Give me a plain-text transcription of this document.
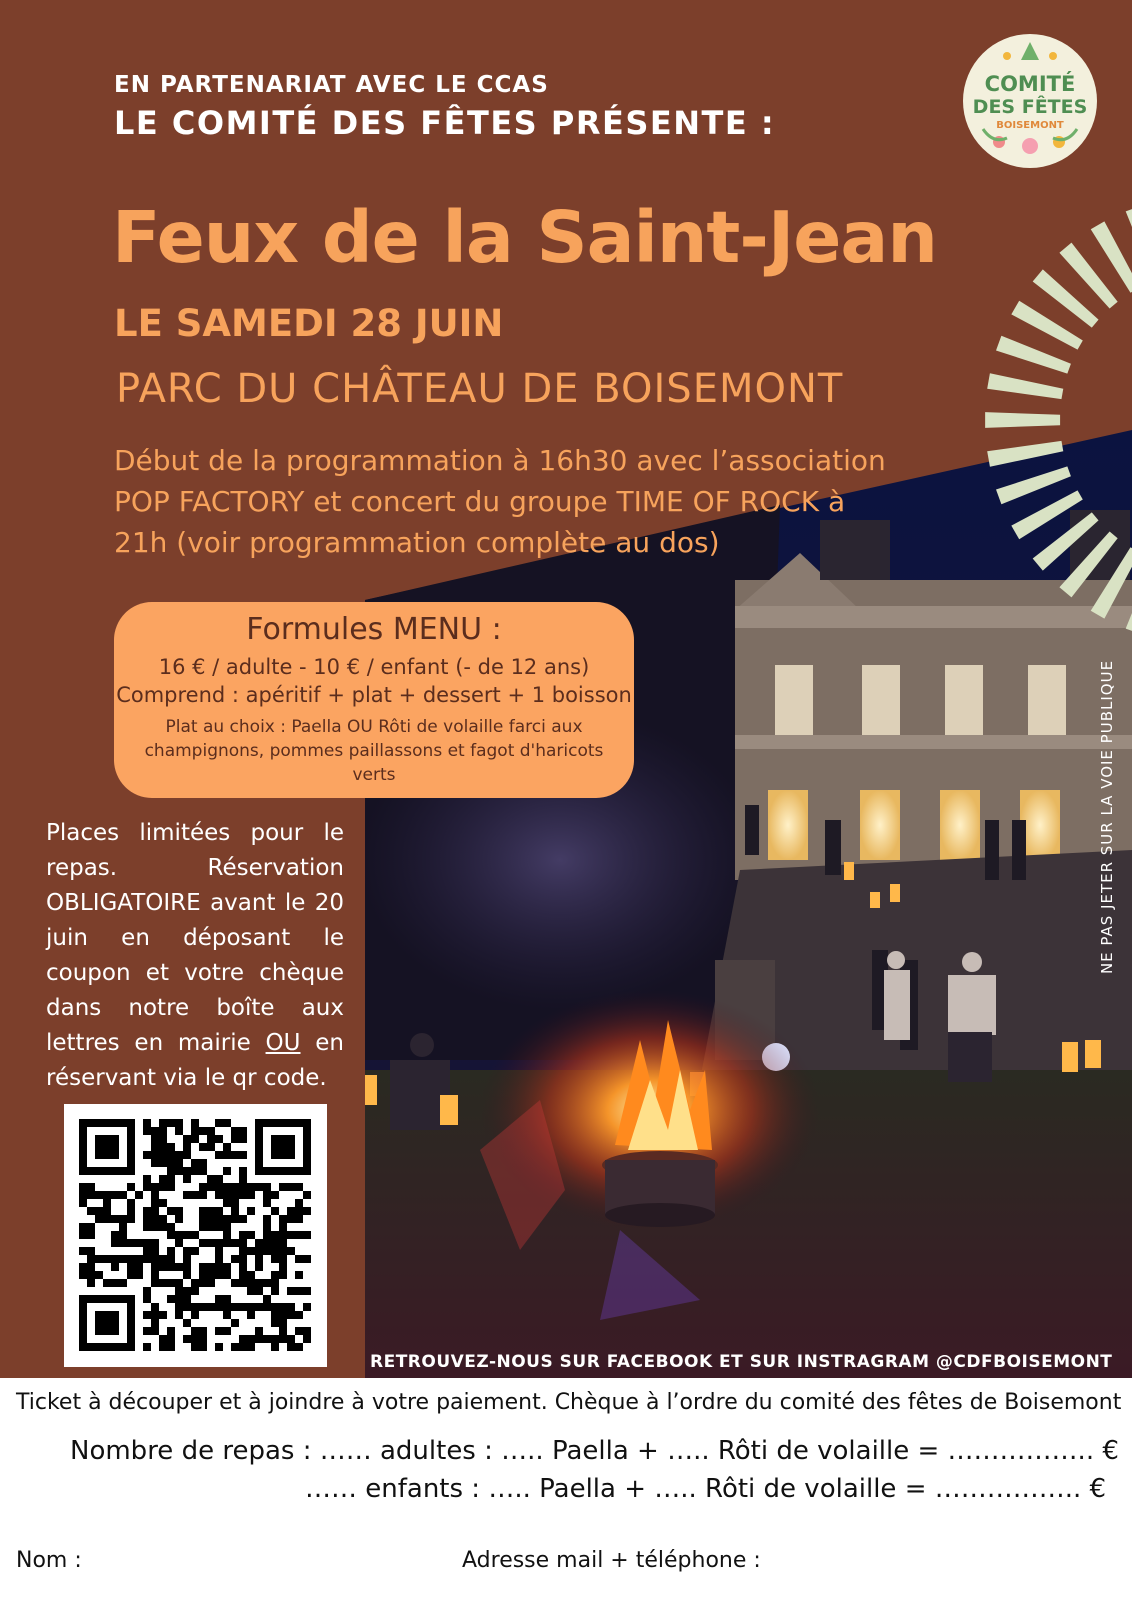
EN PARTENARIAT AVEC LE CCAS
LE COMITÉ DES FÊTES PRÉSENTE :
COMITÉ
DES FÊTES
BOISEMONT
Feux de la Saint-Jean
LE SAMEDI 28 JUIN
PARC DU CHÂTEAU DE BOISEMONT
Début de la programmation à 16h30 avec l’association POP FACTORY et concert du groupe TIME OF ROCK à 21h (voir programmation complète au dos)
Formules MENU :
16 € / adulte - 10 € / enfant (- de 12 ans)
Comprend : apéritif + plat + dessert + 1 boisson
Plat au choix : Paella OU Rôti de volaille farci aux champignons, pommes paillassons et fagot d'haricots verts
Places limitées pour le repas. Réservation OBLIGATOIRE avant le 20 juin en déposant le coupon et votre chèque dans notre boîte aux lettres en mairie OU en réservant via le qr code.
NE PAS JETER SUR LA VOIE PUBLIQUE
RETROUVEZ-NOUS SUR FACEBOOK ET SUR INSTRAGRAM @CDFBOISEMONT
Ticket à découper et à joindre à votre paiement. Chèque à l’ordre du comité des fêtes de Boisemont
Nombre de repas : …… adultes : ….. Paella + ….. Rôti de volaille = …………….. €
…… enfants : ….. Paella + ….. Rôti de volaille = …………….. €
Nom :	Adresse mail + téléphone :
